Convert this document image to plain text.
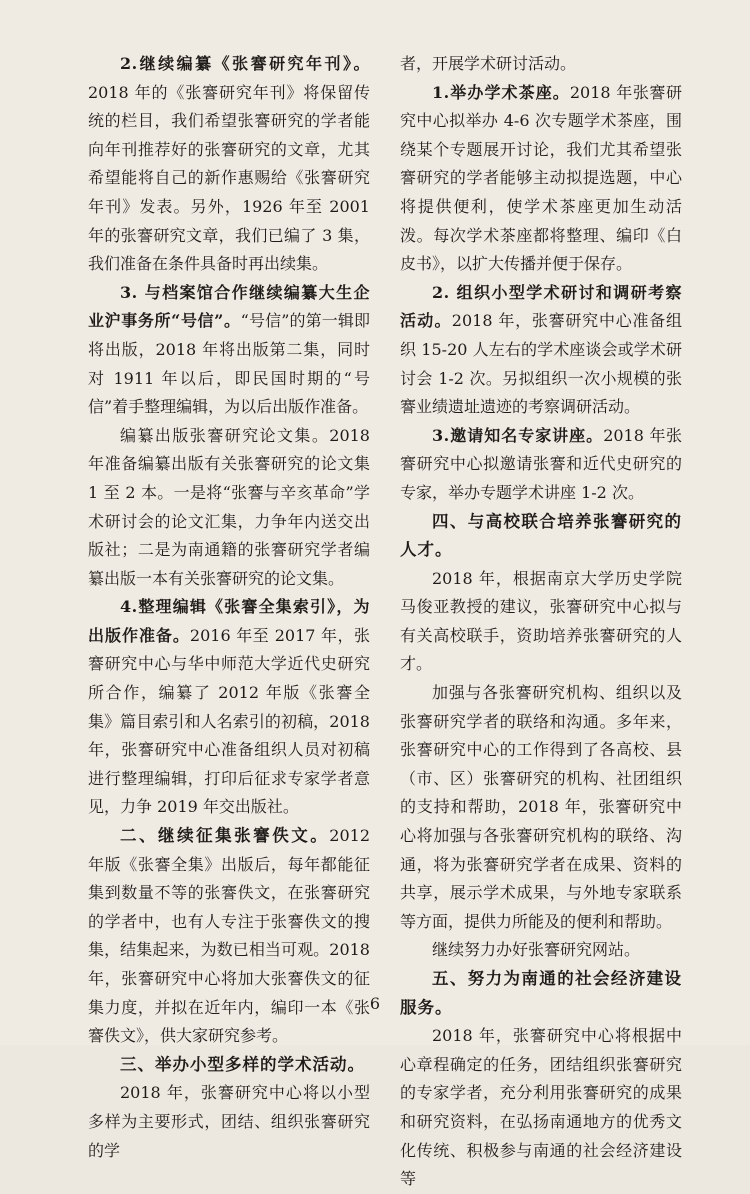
2.继续编纂《张謇研究年刊》。2018 年的《张謇研究年刊》将保留传统的栏目，我们希望张謇研究的学者能向年刊推荐好的张謇研究的文章，尤其希望能将自己的新作惠赐给《张謇研究年刊》发表。另外，1926 年至 2001 年的张謇研究文章，我们已编了 3 集，我们准备在条件具备时再出续集。

3. 与档案馆合作继续编纂大生企业沪事务所“号信”。“号信”的第一辑即将出版，2018 年将出版第二集，同时对 1911 年以后，即民国时期的“号信”着手整理编辑，为以后出版作准备。

编纂出版张謇研究论文集。2018 年准备编纂出版有关张謇研究的论文集 1 至 2 本。一是将“张謇与辛亥革命”学术研讨会的论文汇集，力争年内送交出版社；二是为南通籍的张謇研究学者编纂出版一本有关张謇研究的论文集。

4.整理编辑《张謇全集索引》，为出版作准备。2016 年至 2017 年，张謇研究中心与华中师范大学近代史研究所合作，编纂了 2012 年版《张謇全集》篇目索引和人名索引的初稿，2018 年，张謇研究中心准备组织人员对初稿进行整理编辑，打印后征求专家学者意见，力争 2019 年交出版社。

二、继续征集张謇佚文。2012 年版《张謇全集》出版后，每年都能征集到数量不等的张謇佚文，在张謇研究的学者中，也有人专注于张謇佚文的搜集，结集起来，为数已相当可观。2018 年，张謇研究中心将加大张謇佚文的征集力度，并拟在近年内，编印一本《张謇佚文》，供大家研究参考。

三、举办小型多样的学术活动。

2018 年，张謇研究中心将以小型多样为主要形式，团结、组织张謇研究的学

者，开展学术研讨活动。

1.举办学术茶座。2018 年张謇研究中心拟举办 4-6 次专题学术茶座，围绕某个专题展开讨论，我们尤其希望张謇研究的学者能够主动拟提选题，中心将提供便利，使学术茶座更加生动活泼。每次学术茶座都将整理、编印《白皮书》，以扩大传播并便于保存。

2. 组织小型学术研讨和调研考察活动。2018 年，张謇研究中心准备组织 15-20 人左右的学术座谈会或学术研讨会 1-2 次。另拟组织一次小规模的张謇业绩遗址遗迹的考察调研活动。

3.邀请知名专家讲座。2018 年张謇研究中心拟邀请张謇和近代史研究的专家，举办专题学术讲座 1-2 次。

四、与高校联合培养张謇研究的人才。

2018 年，根据南京大学历史学院马俊亚教授的建议，张謇研究中心拟与有关高校联手，资助培养张謇研究的人才。

加强与各张謇研究机构、组织以及张謇研究学者的联络和沟通。多年来，张謇研究中心的工作得到了各高校、县（市、区）张謇研究的机构、社团组织的支持和帮助，2018 年，张謇研究中心将加强与各张謇研究机构的联络、沟通，将为张謇研究学者在成果、资料的共享，展示学术成果，与外地专家联系等方面，提供力所能及的便利和帮助。

继续努力办好张謇研究网站。

五、努力为南通的社会经济建设服务。

2018 年，张謇研究中心将根据中心章程确定的任务，团结组织张謇研究的专家学者，充分利用张謇研究的成果和研究资料，在弘扬南通地方的优秀文化传统、积极参与南通的社会经济建设等

6
